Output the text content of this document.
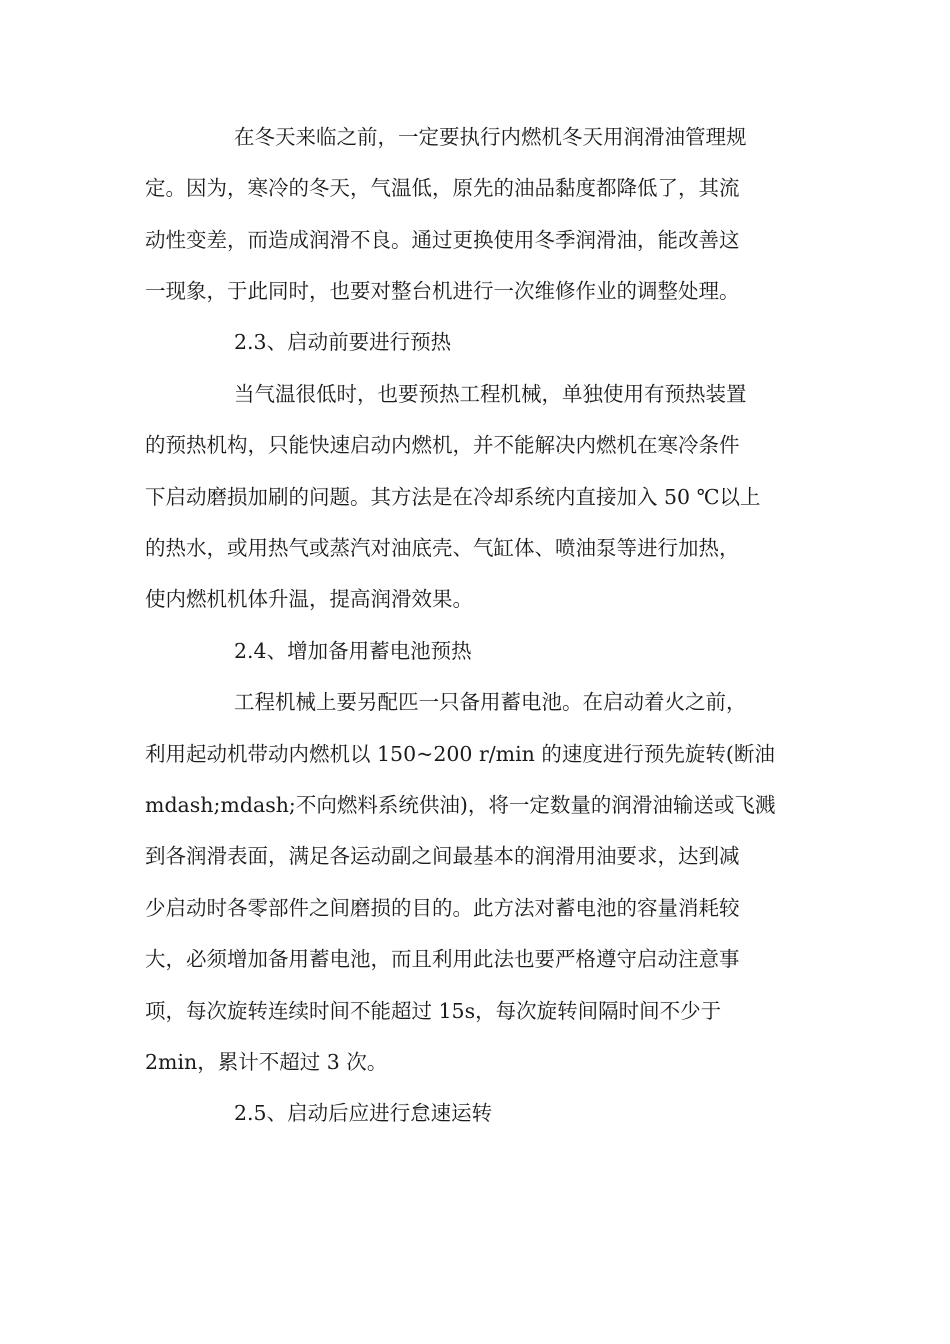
在冬天来临之前，一定要执行内燃机冬天用润滑油管理规

定。因为，寒冷的冬天，气温低，原先的油品黏度都降低了，其流

动性变差，而造成润滑不良。通过更换使用冬季润滑油，能改善这

一现象，于此同时，也要对整台机进行一次维修作业的调整处理。

2.3、启动前要进行预热

当气温很低时，也要预热工程机械，单独使用有预热装置

的预热机构，只能快速启动内燃机，并不能解决内燃机在寒冷条件

下启动磨损加刷的问题。其方法是在冷却系统内直接加入 50 ℃以上

的热水，或用热气或蒸汽对油底壳、气缸体、喷油泵等进行加热，

使内燃机机体升温，提高润滑效果。

2.4、增加备用蓄电池预热

工程机械上要另配匹一只备用蓄电池。在启动着火之前，

利用起动机带动内燃机以 150~200 r/min 的速度进行预先旋转(断油

mdash;mdash;不向燃料系统供油)，将一定数量的润滑油输送或飞溅

到各润滑表面，满足各运动副之间最基本的润滑用油要求，达到减

少启动时各零部件之间磨损的目的。此方法对蓄电池的容量消耗较

大，必须增加备用蓄电池，而且利用此法也要严格遵守启动注意事

项，每次旋转连续时间不能超过 15s，每次旋转间隔时间不少于

2min，累计不超过 3 次。

2.5、启动后应进行怠速运转
